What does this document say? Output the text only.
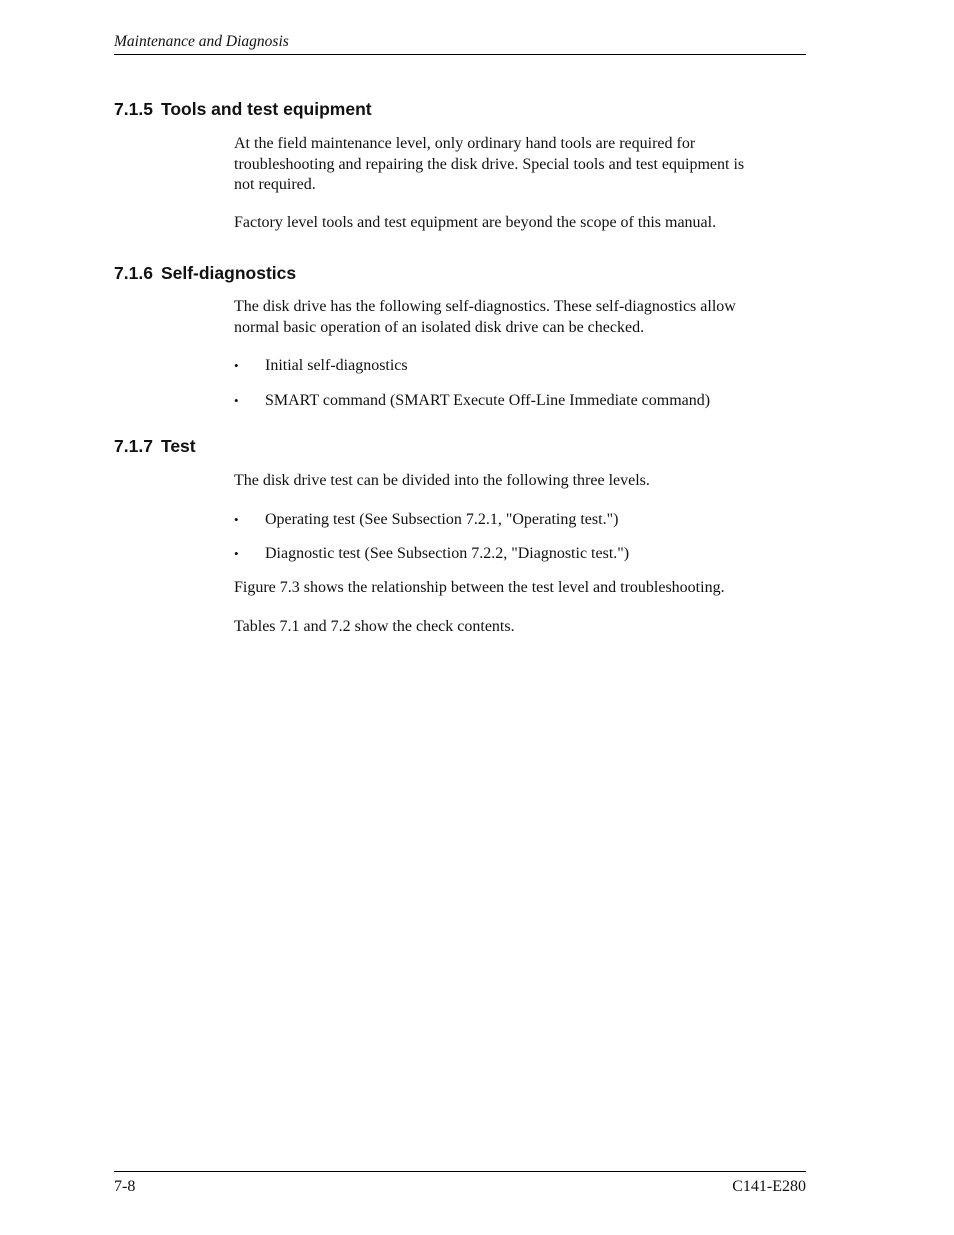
Maintenance and Diagnosis
7.1.5 Tools and test equipment

At the field maintenance level, only ordinary hand tools are required for
troubleshooting and repairing the disk drive. Special tools and test equipment is
not required.

Factory level tools and test equipment are beyond the scope of this manual.

7.1.6 Self-diagnostics

The disk drive has the following self-diagnostics. These self-diagnostics allow
normal basic operation of an isolated disk drive can be checked.

• Initial self-diagnostics
• SMART command (SMART Execute Off-Line Immediate command)
7.1.7 Test

The disk drive test can be divided into the following three levels.

• Operating test (See Subsection 7.2.1, "Operating test.")
• Diagnostic test (See Subsection 7.2.2, "Diagnostic test.")

Figure 7.3 shows the relationship between the test level and troubleshooting.

Tables 7.1 and 7.2 show the check contents.

7-8	C141-E280
